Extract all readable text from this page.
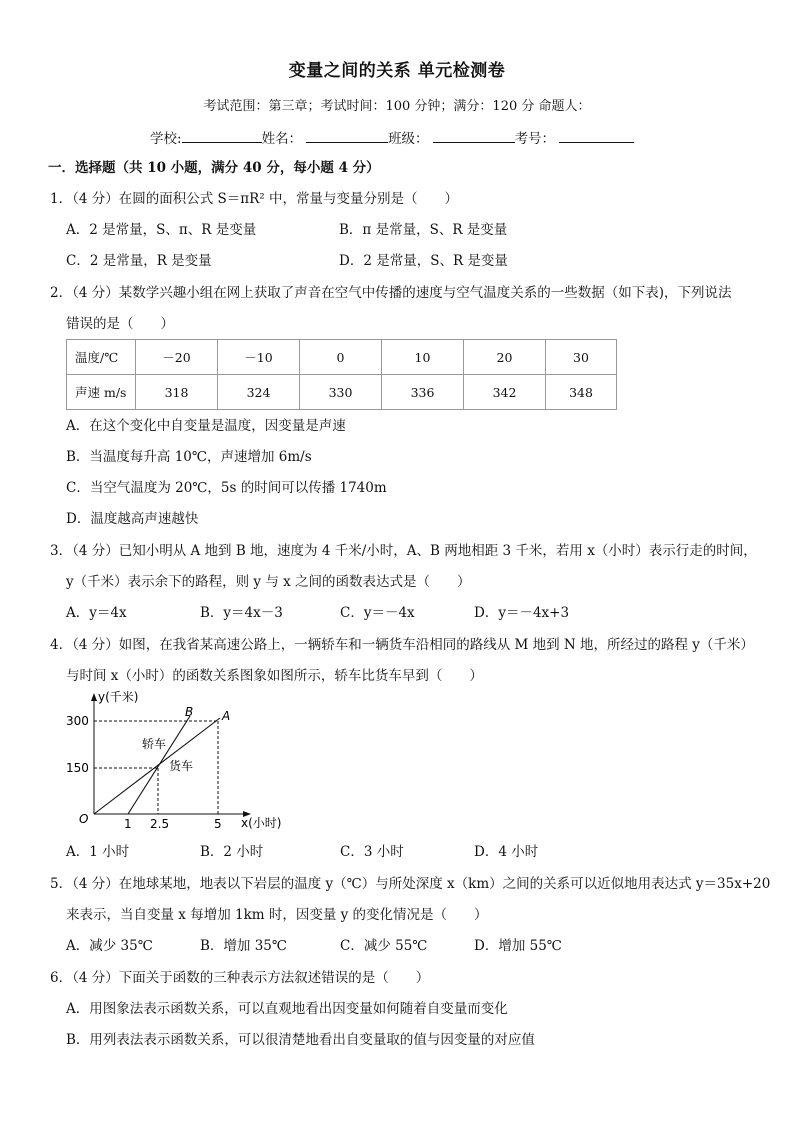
变量之间的关系 单元检测卷
考试范围：第三章；考试时间：100 分钟；满分：120 分 命题人：
学校:	姓名：	班级：	考号：
一．选择题（共 10 小题，满分 40 分，每小题 4 分）
1．（4 分）在圆的面积公式 S＝πR² 中，常量与变量分别是（　　）
A．2 是常量，S、π、R 是变量	B．π 是常量，S、R 是变量
C．2 是常量，R 是变量	D．2 是常量，S、R 是变量
2．（4 分）某数学兴趣小组在网上获取了声音在空气中传播的速度与空气温度关系的一些数据（如下表)，下列说法
错误的是（　　）
温度/℃	－20	－10	0	10	20	30
声速 m/s	318	324	330	336	342	348
A．在这个变化中自变量是温度，因变量是声速
B．当温度每升高 10℃，声速增加 6m/s
C．当空气温度为 20℃，5s 的时间可以传播 1740m
D．温度越高声速越快
3．（4 分）已知小明从 A 地到 B 地，速度为 4 千米/小时，A、B 两地相距 3 千米，若用 x（小时）表示行走的时间，
y（千米）表示余下的路程，则 y 与 x 之间的函数表达式是（　　）
A．y＝4x	B．y＝4x－3	C．y＝－4x	D．y＝－4x+3
4．（4 分）如图，在我省某高速公路上，一辆轿车和一辆货车沿相同的路线从 M 地到 N 地，所经过的路程 y（千米）
与时间 x（小时）的函数关系图象如图所示，轿车比货车早到（　　）
y(千米)
x(小时)
O
300
150
1 2.5	5
B A
轿车
货车
A．1 小时	B．2 小时	C．3 小时	D．4 小时
5．（4 分）在地球某地，地表以下岩层的温度 y（℃）与所处深度 x（km）之间的关系可以近似地用表达式 y＝35x+20
来表示，当自变量 x 每增加 1km 时，因变量 y 的变化情况是（　　）
A．减少 35℃	B．增加 35℃	C．减少 55℃	D．增加 55℃
6．（4 分）下面关于函数的三种表示方法叙述错误的是（　　）
A．用图象法表示函数关系，可以直观地看出因变量如何随着自变量而变化
B．用列表法表示函数关系，可以很清楚地看出自变量取的值与因变量的对应值
